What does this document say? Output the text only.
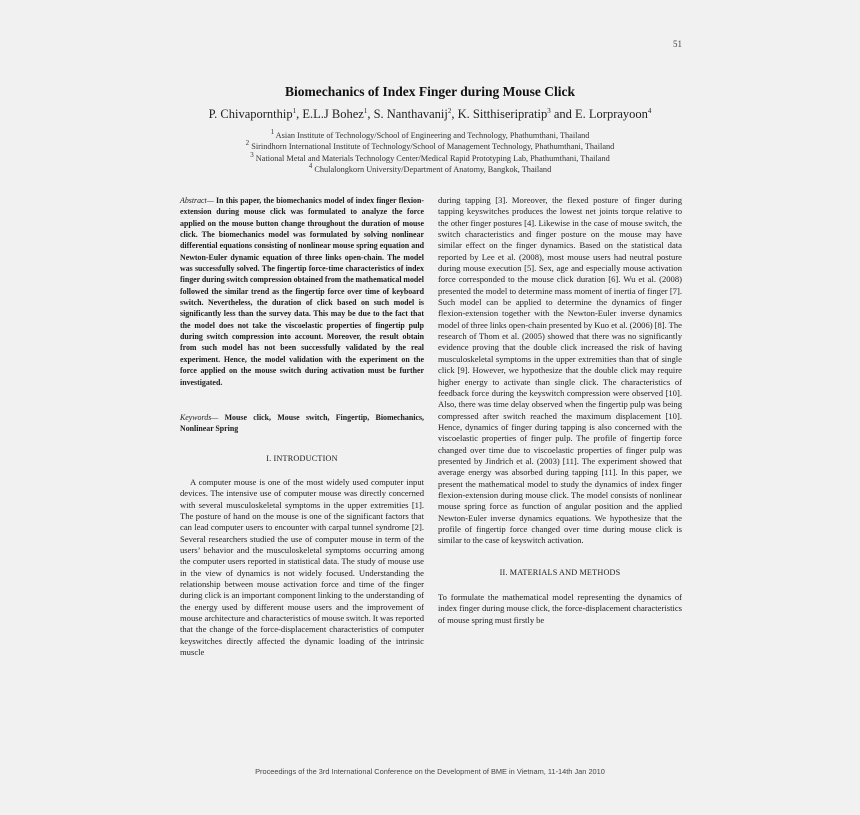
51
Biomechanics of Index Finger during Mouse Click
P. Chivapornthip$^1$, E.L.J Bohez$^1$, S. Nanthavanij$^2$, K. Sitthiseripratip$^3$ and E. Lorprayoon$^4$
$^1$ Asian Institute of Technology/School of Engineering and Technology, Phathumthani, Thailand
$^2$ Sirindhorn International Institute of Technology/School of Management Technology, Phathumthani, Thailand
$^3$ National Metal and Materials Technology Center/Medical Rapid Prototyping Lab, Phathumthani, Thailand
$^4$ Chulalongkorn University/Department of Anatomy, Bangkok, Thailand
Abstract— In this paper, the biomechanics model of index finger flexion-extension during mouse click was formulated to analyze the force applied on the mouse button change throughout the duration of mouse click. The biomechanics model was formulated by solving nonlinear differential equations consisting of nonlinear mouse spring equation and Newton-Euler dynamic equation of three links open-chain. The model was successfully solved. The fingertip force-time characteristics of index finger during switch compression obtained from the mathematical model followed the similar trend as the fingertip force over time of keyboard switch. Nevertheless, the duration of click based on such model is significantly less than the survey data. This may be due to the fact that the model does not take the viscoelastic properties of fingertip pulp during switch compression into account. Moreover, the result obtain from such model has not been successfully validated by the real experiment. Hence, the model validation with the experiment on the force applied on the mouse switch during activation must be further investigated.
Keywords— Mouse click, Mouse switch, Fingertip, Biomechanics, Nonlinear Spring
I. INTRODUCTION

A computer mouse is one of the most widely used computer input devices. The intensive use of computer mouse was directly concerned with several musculoskeletal symptoms in the upper extremities [1]. The posture of hand on the mouse is one of the significant factors that can lead computer users to encounter with carpal tunnel syndrome [2]. Several researchers studied the use of computer mouse in term of the users’ behavior and the musculoskeletal symptoms occurring among the computer users reported in statistical data. The study of mouse use in the view of dynamics is not widely focused. Understanding the relationship between mouse activation force and time of the finger during click is an important component linking to the understanding of the energy used by different mouse users and the improvement of mouse architecture and characteristics of mouse switch. It was reported that the change of the force-displacement characteristics of computer keyswitches directly affected the dynamic loading of the intrinsic muscle

during tapping [3]. Moreover, the flexed posture of finger during tapping keyswitches produces the lowest net joints torque relative to the other finger postures [4]. Likewise in the case of mouse switch, the switch characteristics and finger posture on the mouse may have similar effect on the finger dynamics. Based on the statistical data reported by Lee et al. (2008), most mouse users had neutral posture during mouse execution [5]. Sex, age and especially mouse activation force corresponded to the mouse click duration [6]. Wu et al. (2008) presented the model to determine mass moment of inertia of finger [7]. Such model can be applied to determine the dynamics of finger flexion-extension together with the Newton-Euler inverse dynamics model of three links open-chain presented by Kuo et al. (2006) [8]. The research of Thom et al. (2005) showed that there was no significantly evidence proving that the double click increased the risk of having musculoskeletal symptoms in the upper extremities than that of single click [9]. However, we hypothesize that the double click may require higher energy to activate than single click. The characteristics of feedback force during the keyswitch compression were observed [10]. Also, there was time delay observed when the fingertip pulp was being compressed after switch reached the maximum displacement [10]. Hence, dynamics of finger during tapping is also concerned with the viscoelastic properties of finger pulp. The profile of fingertip force changed over time due to viscoelastic properties of finger pulp was presented by Jindrich et al. (2003) [11]. The experiment showed that average energy was absorbed during tapping [11]. In this paper, we present the mathematical model to study the dynamics of index finger flexion-extension during mouse click. The model consists of nonlinear mouse spring force as function of angular position and the applied Newton-Euler inverse dynamics equations. We hypothesize that the profile of fingertip force changed over time during mouse click is similar to the case of keyswitch activation.

II. MATERIALS AND METHODS

To formulate the mathematical model representing the dynamics of index finger during mouse click, the force-displacement characteristics of mouse spring must firstly be

Proceedings of the 3rd International Conference on the Development of BME in Vietnam, 11-14th Jan 2010
